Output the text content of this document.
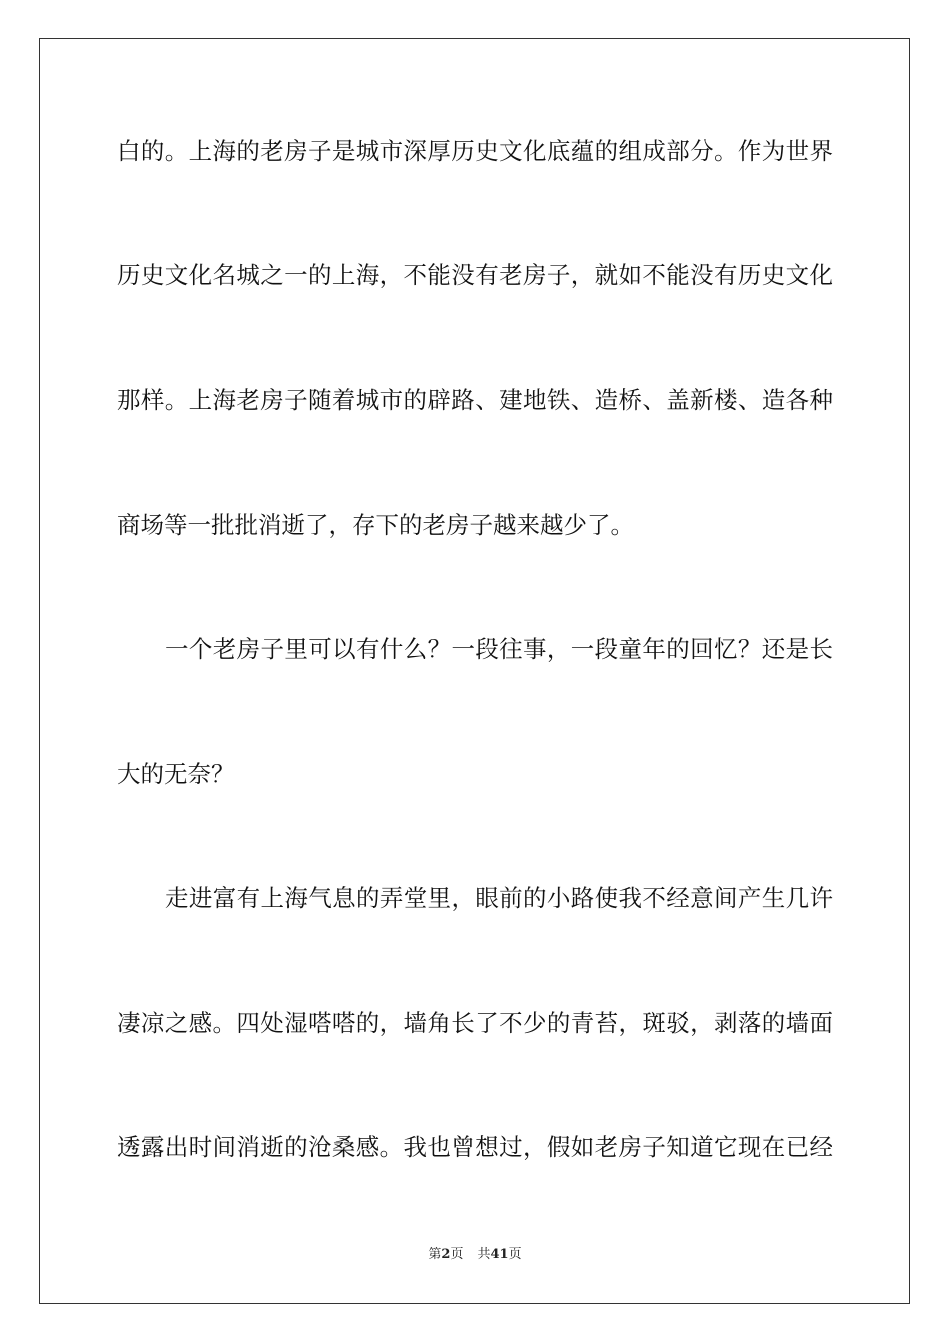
白的。上海的老房子是城市深厚历史文化底蕴的组成部分。作为世界
历史文化名城之一的上海，不能没有老房子，就如不能没有历史文化
那样。上海老房子随着城市的辟路、建地铁、造桥、盖新楼、造各种
商场等一批批消逝了，存下的老房子越来越少了。
一个老房子里可以有什么？一段往事，一段童年的回忆？还是长
大的无奈？
走进富有上海气息的弄堂里，眼前的小路使我不经意间产生几许
凄凉之感。四处湿嗒嗒的，墙角长了不少的青苔，斑驳，剥落的墙面
透露出时间消逝的沧桑感。我也曾想过，假如老房子知道它现在已经
第2页 共41页
